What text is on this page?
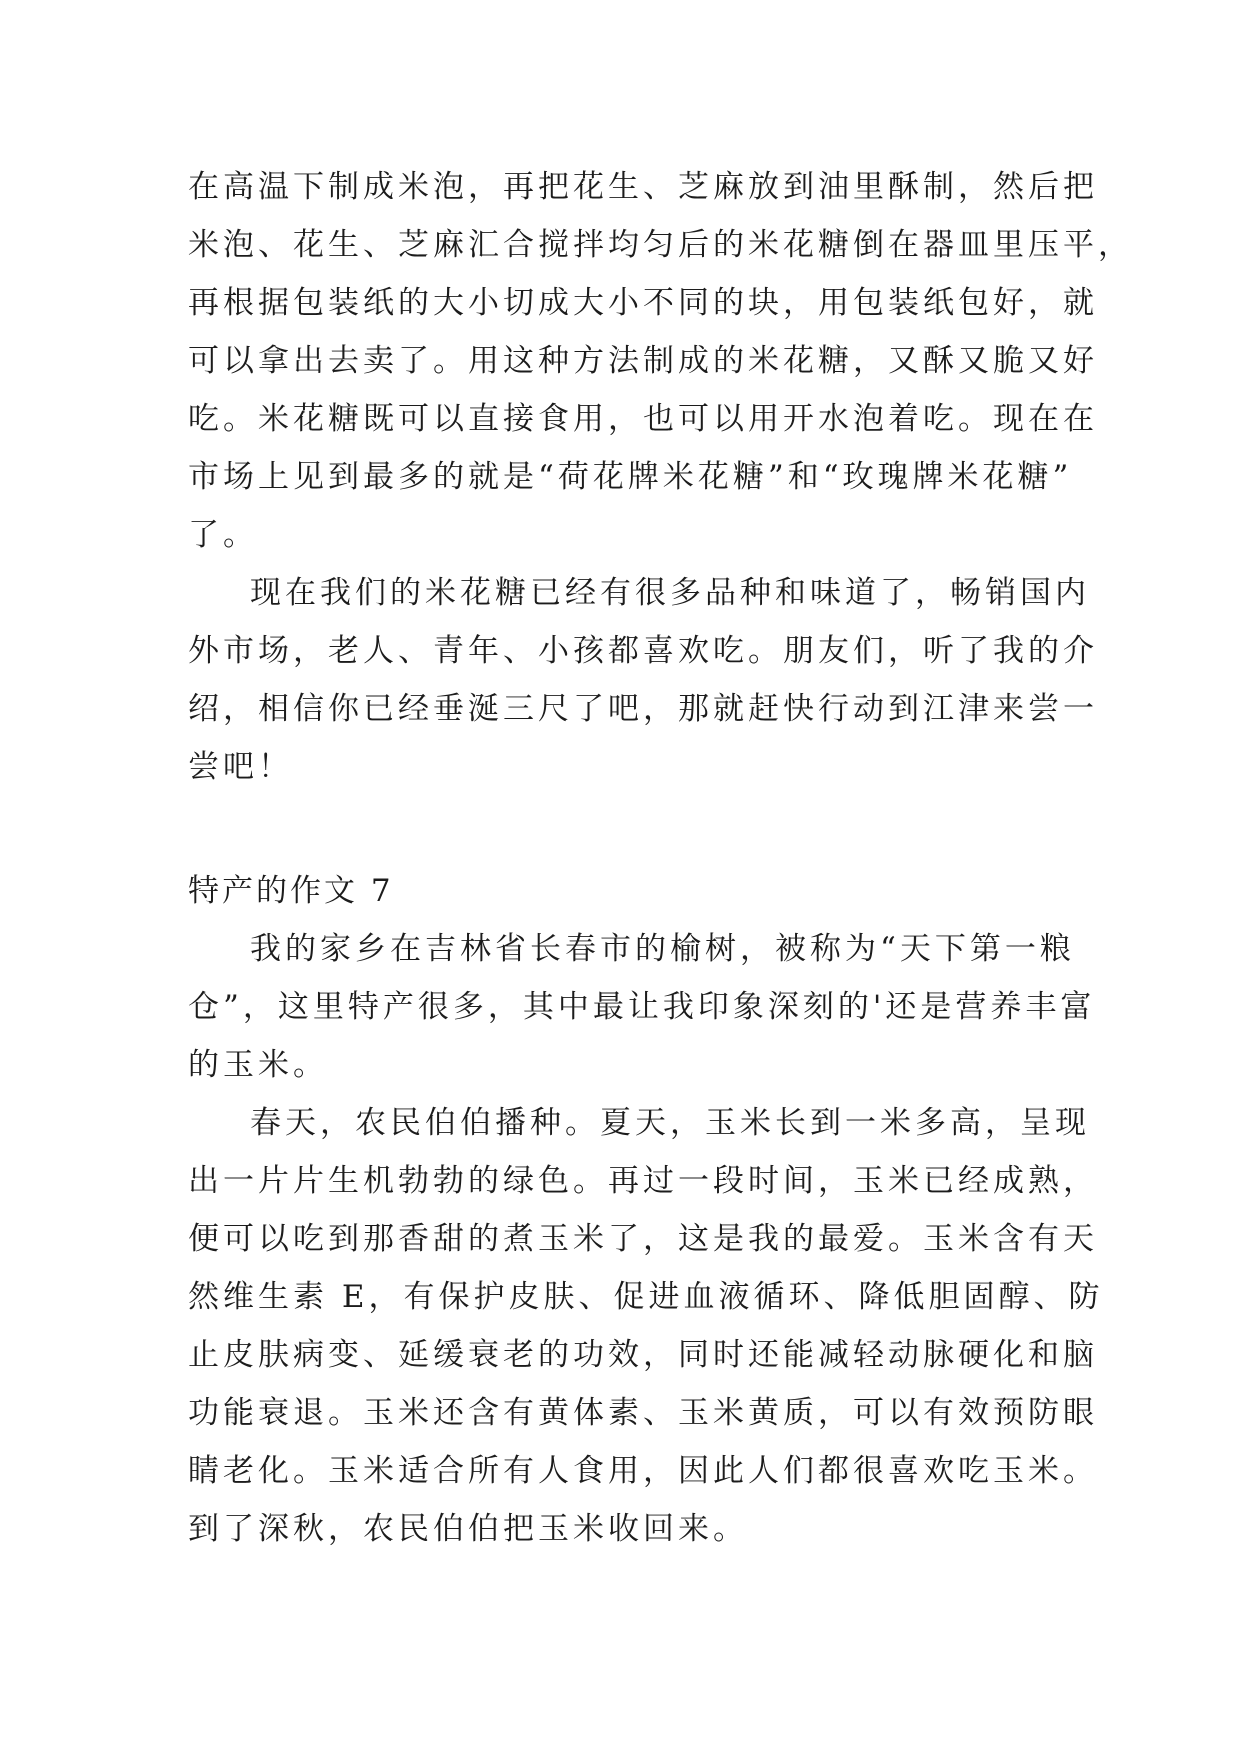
在高温下制成米泡，再把花生、芝麻放到油里酥制，然后把
米泡、花生、芝麻汇合搅拌均匀后的米花糖倒在器皿里压平，
再根据包装纸的大小切成大小不同的块，用包装纸包好，就
可以拿出去卖了。用这种方法制成的米花糖，又酥又脆又好
吃。米花糖既可以直接食用，也可以用开水泡着吃。现在在
市场上见到最多的就是“荷花牌米花糖”和“玫瑰牌米花糖”
了。
现在我们的米花糖已经有很多品种和味道了，畅销国内
外市场，老人、青年、小孩都喜欢吃。朋友们，听了我的介
绍，相信你已经垂涎三尺了吧，那就赶快行动到江津来尝一
尝吧！
特产的作文 7
我的家乡在吉林省长春市的榆树，被称为“天下第一粮
仓”，这里特产很多，其中最让我印象深刻的'还是营养丰富
的玉米。
春天，农民伯伯播种。夏天，玉米长到一米多高，呈现
出一片片生机勃勃的绿色。再过一段时间，玉米已经成熟，
便可以吃到那香甜的煮玉米了，这是我的最爱。玉米含有天
然维生素 E，有保护皮肤、促进血液循环、降低胆固醇、防
止皮肤病变、延缓衰老的功效，同时还能减轻动脉硬化和脑
功能衰退。玉米还含有黄体素、玉米黄质，可以有效预防眼
睛老化。玉米适合所有人食用，因此人们都很喜欢吃玉米。
到了深秋，农民伯伯把玉米收回来。
